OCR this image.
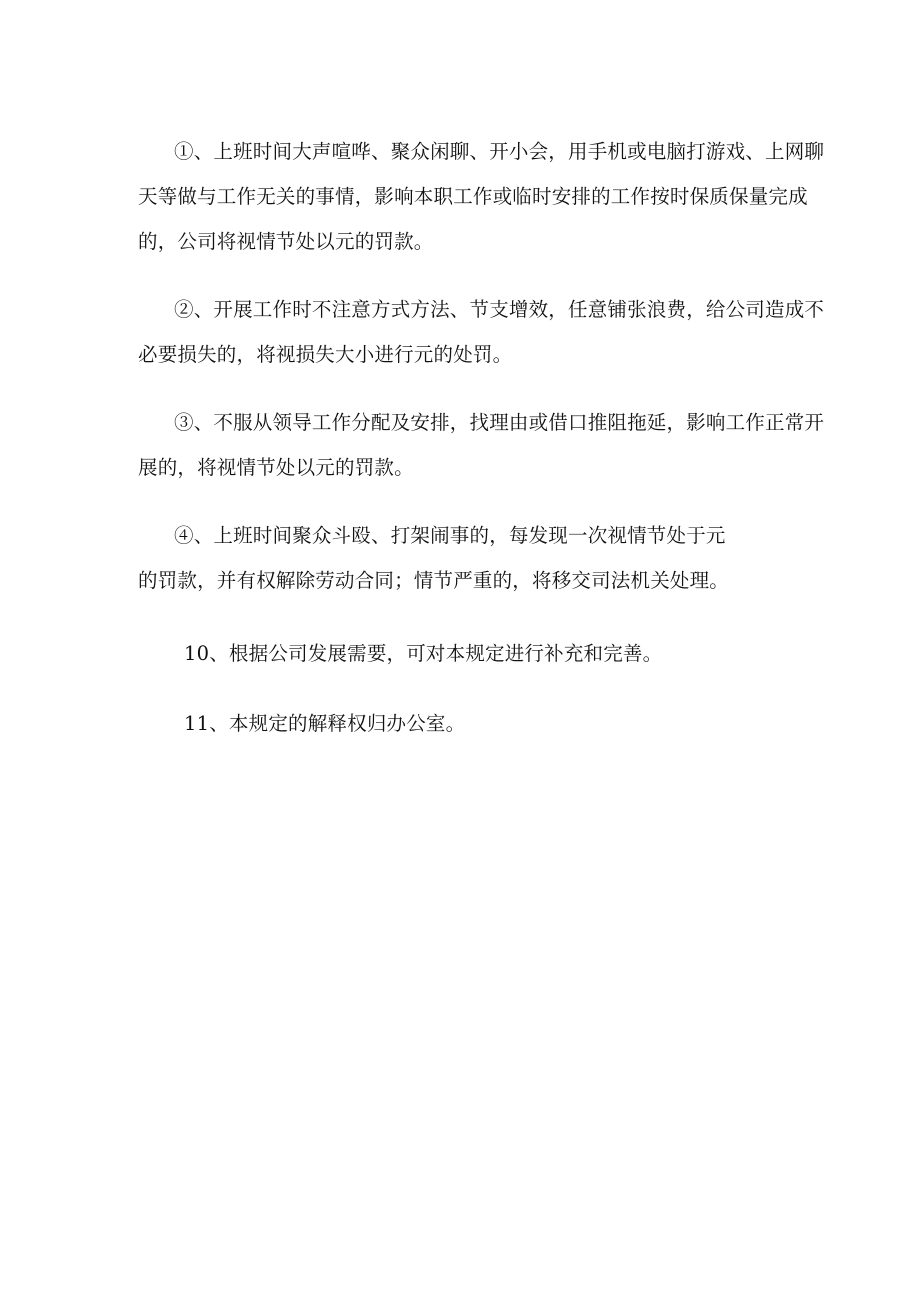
①、上班时间大声喧哗、聚众闲聊、开小会，用手机或电脑打游戏、上网聊
天等做与工作无关的事情，影响本职工作或临时安排的工作按时保质保量完成
的，公司将视情节处以元的罚款。
②、开展工作时不注意方式方法、节支增效，任意铺张浪费，给公司造成不
必要损失的，将视损失大小进行元的处罚。
③、不服从领导工作分配及安排，找理由或借口推阻拖延，影响工作正常开
展的，将视情节处以元的罚款。
④、上班时间聚众斗殴、打架闹事的，每发现一次视情节处于元
的罚款，并有权解除劳动合同；情节严重的，将移交司法机关处理。
10、根据公司发展需要，可对本规定进行补充和完善。
11、本规定的解释权归办公室。
